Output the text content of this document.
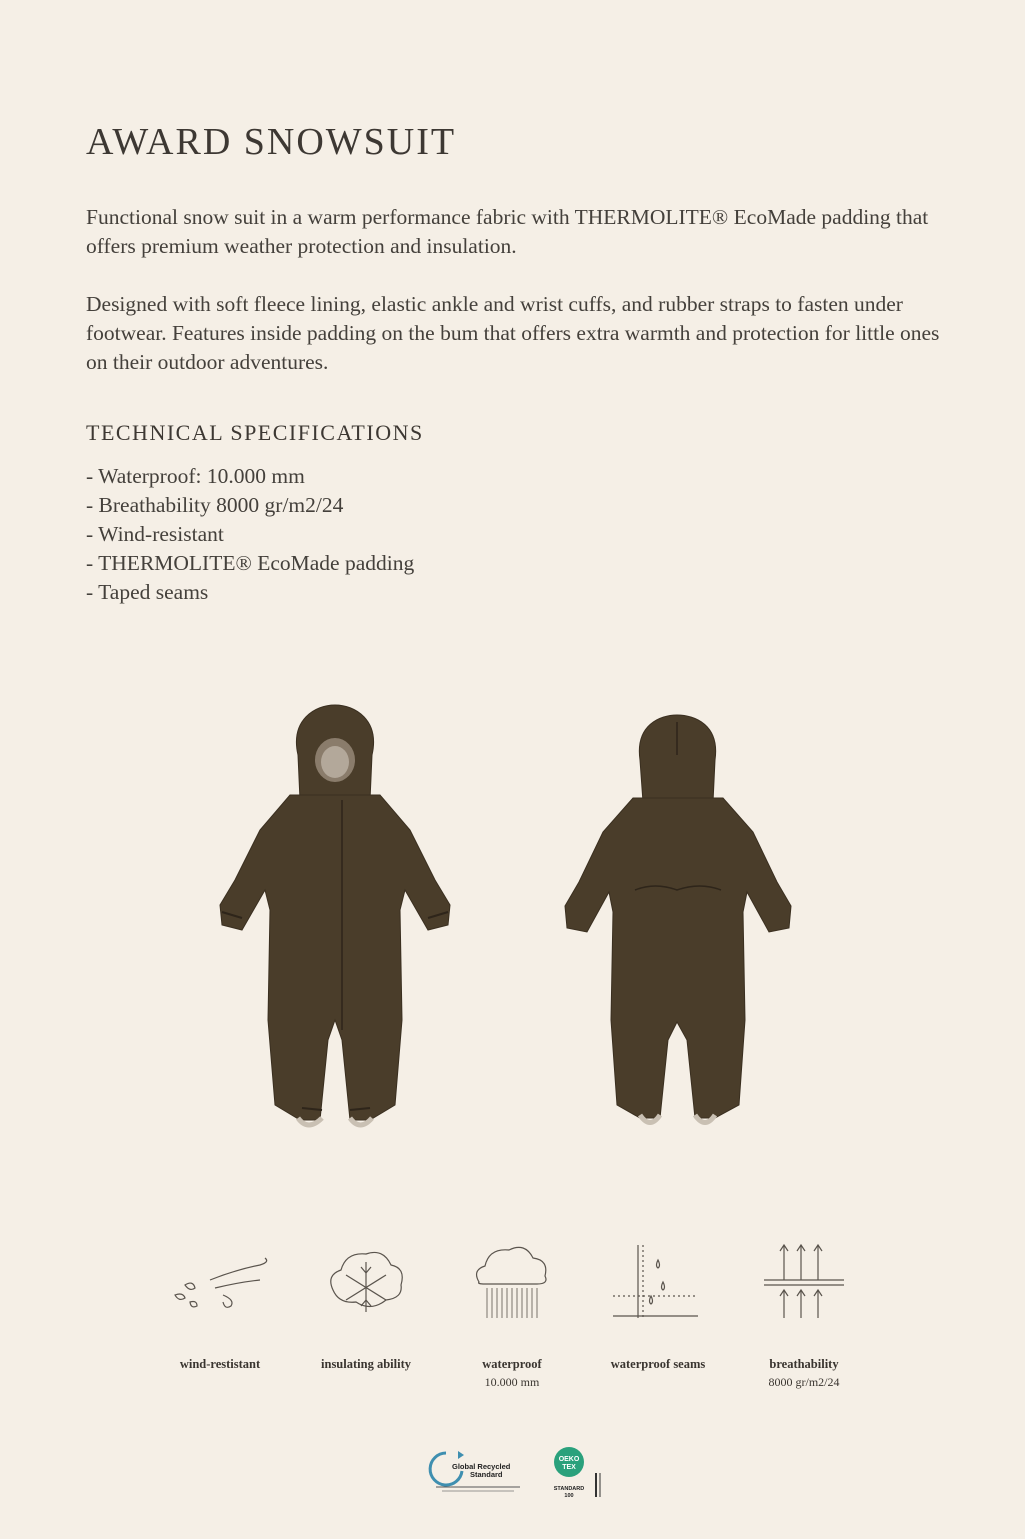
AWARD SNOWSUIT

Functional snow suit in a warm performance fabric with THERMOLITE® EcoMade padding that offers premium weather protection and insulation.

Designed with soft fleece lining, elastic ankle and wrist cuffs, and rubber straps to fasten under footwear. Features inside padding on the bum that offers extra warmth and protection for little ones on their outdoor adventures.

TECHNICAL SPECIFICATIONS
- Waterproof: 10.000 mm
- Breathability 8000 gr/m2/24
- Wind-resistant
- THERMOLITE® EcoMade padding
- Taped seams
wind-restistant	insulating ability	waterproof
10.000 mm
waterproof seams	breathability
8000 gr/m2/24
Global Recycled
Standard
OEKO
TEX
STANDARD
100
